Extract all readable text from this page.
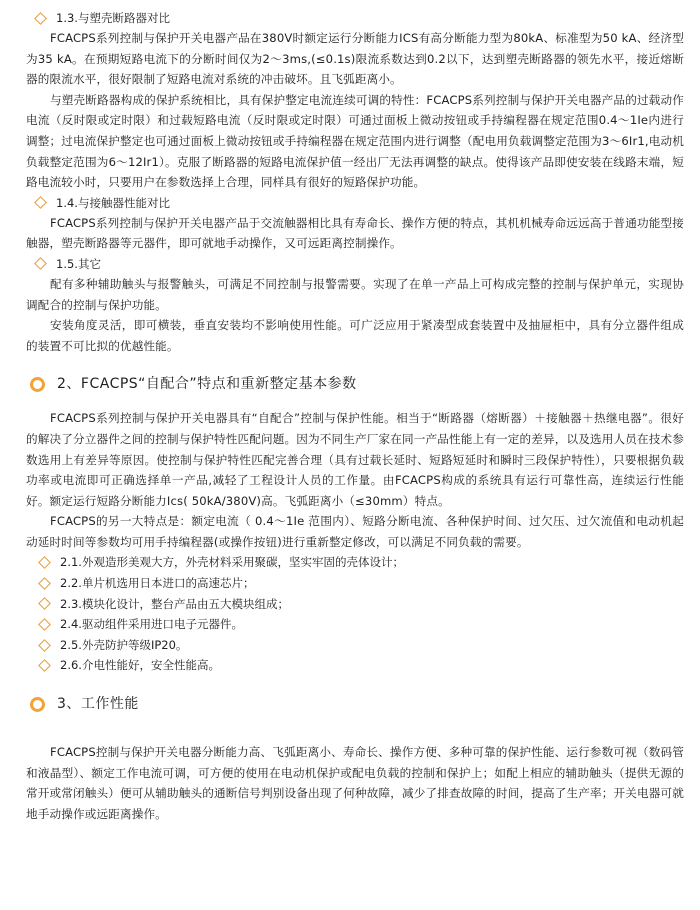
1.3.与塑壳断路器对比

FCACPS系列控制与保护开关电器产品在380V时额定运行分断能力ICS有高分断能力型为80kA、标准型为50 kA、经济型为35 kA。在预期短路电流下的分断时间仅为2～3ms,(≤0.1s)限流系数达到0.2以下，达到塑壳断路器的领先水平，接近熔断器的限流水平，很好限制了短路电流对系统的冲击破坏。且飞弧距离小。

与塑壳断路器构成的保护系统相比，具有保护整定电流连续可调的特性：FCACPS系列控制与保护开关电器产品的过载动作电流（反时限或定时限）和过载短路电流（反时限或定时限）可通过面板上微动按钮或手持编程器在规定范围0.4～1Ie内进行调整；过电流保护整定也可通过面板上微动按钮或手持编程器在规定范围内进行调整（配电用负载调整定范围为3～6Ir1,电动机负载整定范围为6～12Ir1）。克服了断路器的短路电流保护值一经出厂无法再调整的缺点。使得该产品即使安装在线路末端，短路电流较小时，只要用户在参数选择上合理，同样具有很好的短路保护功能。

1.4.与接触器性能对比

FCACPS系列控制与保护开关电器产品于交流触器相比具有寿命长、操作方便的特点，其机机械寿命远远高于普通功能型接触器，塑壳断路器等元器件，即可就地手动操作，又可远距离控制操作。

1.5.其它

配有多种辅助触头与报警触头，可满足不同控制与报警需要。实现了在单一产品上可构成完整的控制与保护单元，实现协调配合的控制与保护功能。

安装角度灵活，即可横装，垂直安装均不影响使用性能。可广泛应用于紧凑型成套装置中及抽屉柜中，具有分立器件组成的装置不可比拟的优越性能。

2、FCACPS“自配合”特点和重新整定基本参数

FCACPS系列控制与保护开关电器具有“自配合”控制与保护性能。相当于“断路器（熔断器）＋接触器＋热继电器”。很好的解决了分立器件之间的控制与保护特性匹配问题。因为不同生产厂家在同一产品性能上有一定的差异，以及选用人员在技术参数选用上有差异等原因。使控制与保护特性匹配完善合理（具有过载长延时、短路短延时和瞬时三段保护特性），只要根据负载功率或电流即可正确选择单一产品,减轻了工程设计人员的工作量。由FCACPS构成的系统具有运行可靠性高，连续运行性能好。额定运行短路分断能力Ics( 50kA/380V)高。飞弧距离小（≤30mm）特点。

FCACPS的另一大特点是：额定电流（ 0.4～1Ie 范围内）、短路分断电流、各种保护时间、过欠压、过欠流值和电动机起动延时时间等参数均可用手持编程器(或操作按钮)进行重新整定修改，可以满足不同负载的需要。

2.1.外观造形美观大方，外壳材料采用聚碳，坚实牢固的壳体设计；
2.2.单片机选用日本进口的高速芯片；
2.3.模块化设计，整台产品由五大模块组成；
2.4.驱动组件采用进口电子元器件。
2.5.外壳防护等级IP20。
2.6.介电性能好，安全性能高。
3、工作性能

FCACPS控制与保护开关电器分断能力高、飞弧距离小、寿命长、操作方便、多种可靠的保护性能、运行参数可视（数码管和液晶型）、额定工作电流可调，可方便的使用在电动机保护或配电负载的控制和保护上；如配上相应的辅助触头（提供无源的常开或常闭触头）便可从辅助触头的通断信号判别设备出现了何种故障，减少了排查故障的时间，提高了生产率；开关电器可就地手动操作或远距离操作。
